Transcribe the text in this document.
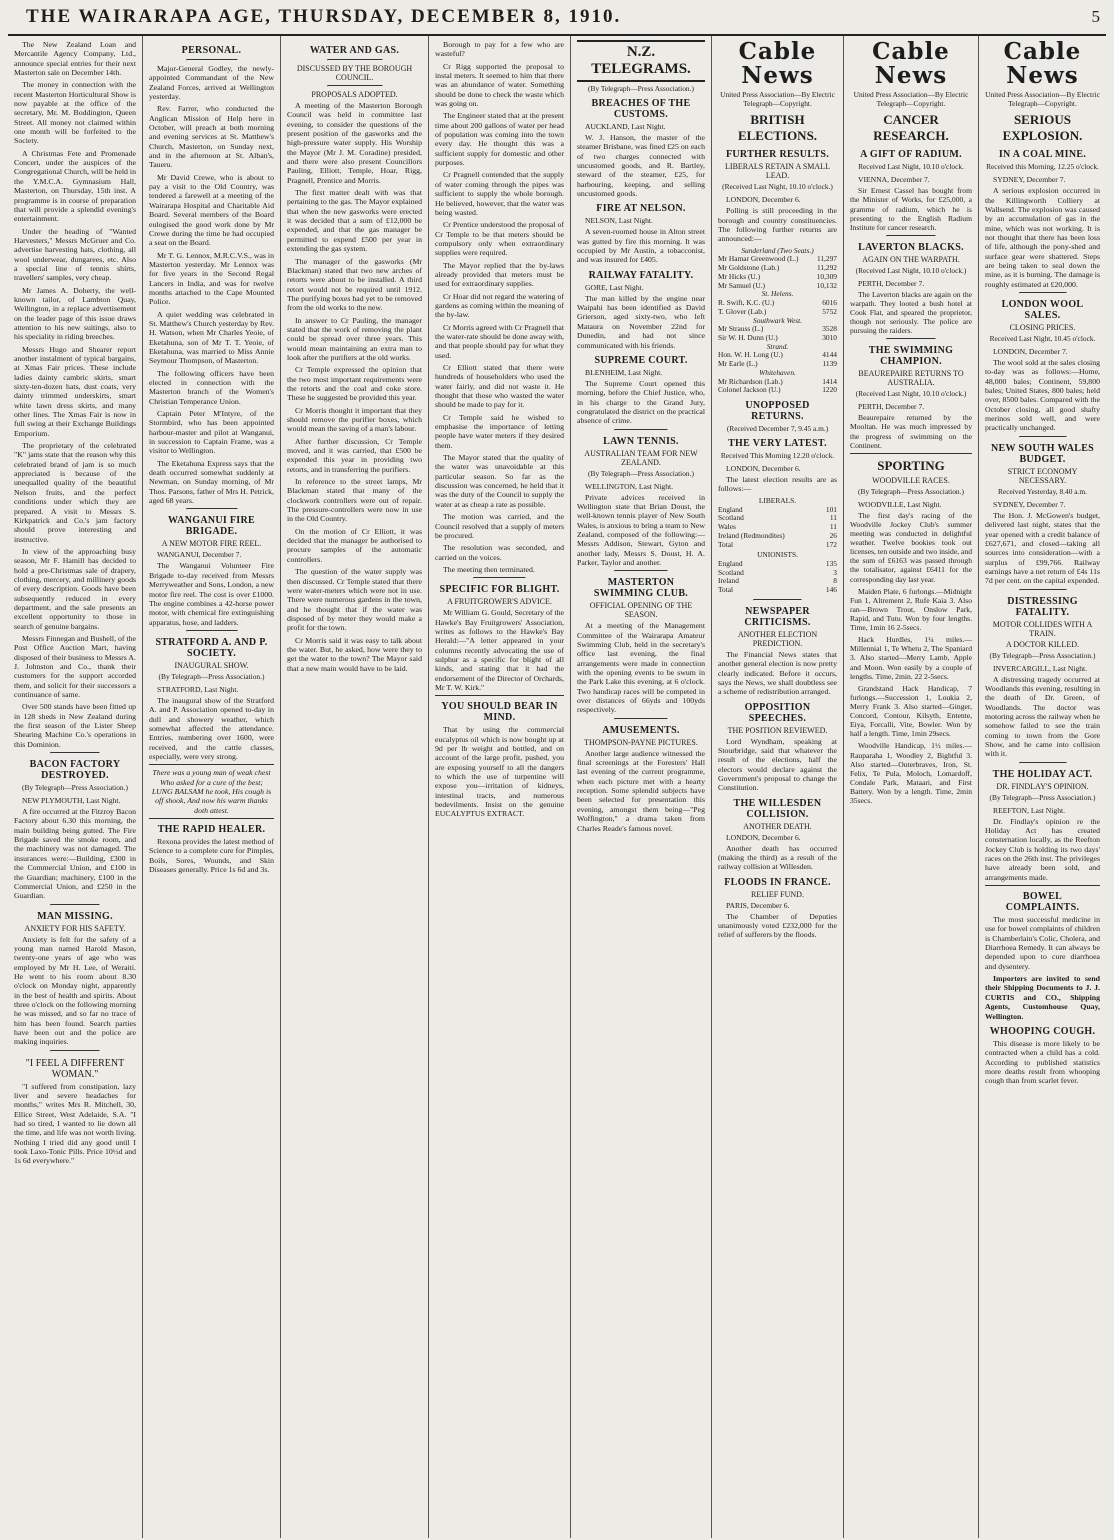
THE WAIRARAPA AGE, THURSDAY, DECEMBER 8, 1910.	5

The New Zealand Loan and Mercantile Agency Company, Ltd., announce special entries for their next Masterton sale on December 14th.

The money in connection with the recent Masterton Horticultural Show is now payable at the office of the secretary, Mr. M. Boddington, Queen Street. All money not claimed within one month will be forfeited to the Society.

A Christmas Fete and Promenade Concert, under the auspices of the Congregational Church, will be held in the Y.M.C.A. Gymnasium Hall, Masterton, on Thursday, 15th inst. A programme is in course of preparation that will provide a splendid evening's entertainment.

Under the heading of "Wanted Harvesters," Messrs McGruer and Co. advertise harvesting hats, clothing, all wool underwear, dungarees, etc. Also a special line of tennis shirts, travellers' samples, very cheap.

Mr James A. Doherty, the well-known tailor, of Lambton Quay, Wellington, in a replace advertisement on the leader page of this issue draws attention to his new suitings, also to his speciality in riding breeches.

Messrs Hugo and Shearer report another instalment of typical bargains, at Xmas Fair prices. These include ladies dainty cambric skirts, smart sixty-ten-dozen hats, dust coats, very dainty trimmed underskirts, smart white lawn dress skirts, and many other lines. The Xmas Fair is now in full swing at their Exchange Buildings Emporium.

The proprietary of the celebrated "K" jams state that the reason why this celebrated brand of jam is so much appreciated is because of the unequalled quality of the beautiful Nelson fruits, and the perfect conditions under which they are prepared. A visit to Messrs S. Kirkpatrick and Co.'s jam factory should prove interesting and instructive.

In view of the approaching busy season, Mr F. Hamill has decided to hold a pre-Christmas sale of drapery, clothing, mercery, and millinery goods of every description. Goods have been subsequently reduced in every department, and the sale presents an excellent opportunity to those in search of genuine bargains.

Messrs Finnegan and Bushell, of the Post Office Auction Mart, having disposed of their business to Messrs A. J. Johnston and Co., thank their customers for the support accorded them, and solicit for their successors a continuance of same.

Over 500 stands have been fitted up in 128 sheds in New Zealand during the first season of the Lister Sheep Shearing Machine Co.'s operations in this Dominion.

BACON FACTORY DESTROYED.
(By Telegraph—Press Association.)
NEW PLYMOUTH, Last Night.

A fire occurred at the Fitzroy Bacon Factory about 6.30 this morning, the main building being gutted. The Fire Brigade saved the smoke room, and the machinery was not damaged. The insurances were:—Building, £300 in the Commercial Union, and £100 in the Guardian; machinery, £100 in the Commercial Union, and £250 in the Guardian.

MAN MISSING.
ANXIETY FOR HIS SAFETY.

Anxiety is felt for the safety of a young man named Harold Mason, twenty-one years of age who was employed by Mr H. Lee, of Weraiti. He went to his room about 8.30 o'clock on Monday night, apparently in the best of health and spirits. About three o'clock on the following morning he was missed, and so far no trace of him has been found. Search parties have been out and the police are making inquiries.

"I FEEL A DIFFERENT WOMAN."

"I suffered from constipation, lazy liver and severe headaches for months," writes Mrs R. Mitchell, 30, Ellice Street, West Adelaide, S.A. "I had so tired, I wanted to lie down all the time, and life was not worth living. Nothing I tried did any good until I took Laxo-Tonic Pills. Price 10½d and 1s 6d everywhere."

PERSONAL.

Major-General Godley, the newly-appointed Commandant of the New Zealand Forces, arrived at Wellington yesterday.

Rev. Farrer, who conducted the Anglican Mission of Help here in October, will preach at both morning and evening services at St. Matthew's Church, Masterton, on Sunday next, and in the afternoon at St. Alban's, Taueru.

Mr David Crewe, who is about to pay a visit to the Old Country, was tendered a farewell at a meeting of the Wairarapa Hospital and Charitable Aid Board. Several members of the Board eulogised the good work done by Mr Crewe during the time he had occupied a seat on the Board.

Mr T. G. Lennox, M.R.C.V.S., was in Masterton yesterday. Mr Lennox was for five years in the Second Regal Lancers in India, and was for twelve months attached to the Cape Mounted Police.

A quiet wedding was celebrated in St. Matthew's Church yesterday by Rev. H. Watson, when Mr Charles Yeoie, of Eketahuna, son of Mr T. T. Yeoie, of Eketahuna, was married to Miss Annie Seymour Thompson, of Masterton.

The following officers have been elected in connection with the Masterton branch of the Women's Christian Temperance Union.

Captain Peter M'Intyre, of the Stormbird, who has been appointed harbour-master and pilot at Wanganui, in succession to Captain Frame, was a visitor to Wellington.

The Eketahuna Express says that the death occurred somewhat suddenly at Newman, on Sunday morning, of Mr Thos. Parsons, father of Mrs H. Petrick, aged 68 years.

WANGANUI FIRE BRIGADE.
A NEW MOTOR FIRE REEL.
WANGANUI, December 7.

The Wanganui Volunteer Fire Brigade to-day received from Messrs Merryweather and Sons, London, a new motor fire reel. The cost is over £1000. The engine combines a 42-horse power motor, with chemical fire extinguishing apparatus, hose, and ladders.

STRATFORD A. AND P. SOCIETY.
INAUGURAL SHOW.
(By Telegraph—Press Association.)
STRATFORD, Last Night.

The inaugural show of the Stratford A. and P. Association opened to-day in dull and showery weather, which somewhat affected the attendance. Entries, numbering over 1600, were received, and the cattle classes, especially, were very strong.

There was a young man of weak chest Who asked for a cure of the best; LUNG BALSAM he took, His cough is off shook, And now his warm thanks doth attest.

THE RAPID HEALER.

Rexona provides the latest method of Science to a complete cure for Pimples, Boils, Sores, Wounds, and Skin Diseases generally. Price 1s 6d and 3s.

WATER AND GAS.
DISCUSSED BY THE BOROUGH COUNCIL.
PROPOSALS ADOPTED.

A meeting of the Masterton Borough Council was held in committee last evening, to consider the questions of the present position of the gasworks and the high-pressure water supply. His Worship the Mayor (Mr J. M. Coradine) presided, and there were also present Councillors Pauling, Elliott, Temple, Hoar, Rigg, Pragnell, Prentice and Morris.

The first matter dealt with was that pertaining to the gas. The Mayor explained that when the new gasworks were erected it was decided that a sum of £12,000 be expended, and that the gas manager be permitted to expend £500 per year in extending the gas system.

The manager of the gasworks (Mr Blackman) stated that two new arches of retorts were about to be installed. A third retort would not be required until 1912. The purifying boxes had yet to be removed from the old works to the new.

In answer to Cr Pauling, the manager stated that the work of removing the plant could be spread over three years. This would mean maintaining an extra man to look after the purifiers at the old works.

Cr Temple expressed the opinion that the two most important requirements were the retorts and the coal and coke store. These he suggested be provided this year.

Cr Morris thought it important that they should remove the purifier boxes, which would mean the saving of a man's labour.

After further discussion, Cr Temple moved, and it was carried, that £500 be expended this year in providing two retorts, and in transferring the purifiers.

In reference to the street lamps, Mr Blackman stated that many of the clockwork controllers were out of repair. The pressure-controllers were now in use in the Old Country.

On the motion of Cr Elliott, it was decided that the manager be authorised to procure samples of the automatic controllers.

The question of the water supply was then discussed. Cr Temple stated that there were water-meters which were not in use. There were numerous gardens in the town, and he thought that if the water was disposed of by meter they would make a profit for the town.

Cr Morris said it was easy to talk about the water. But, he asked, how were they to get the water to the town? The Mayor said that a new main would have to be laid.

Borough to pay for a few who are wasteful?

Cr Rigg supported the proposal to instal meters. It seemed to him that there was an abundance of water. Something should be done to check the waste which was going on.

The Engineer stated that at the present time about 200 gallons of water per head of population was coming into the town every day. He thought this was a sufficient supply for domestic and other purposes.

Cr Pragnell contended that the supply of water coming through the pipes was sufficient to supply the whole borough. He believed, however, that the water was being wasted.

Cr Prentice understood the proposal of Cr Temple to be that meters should be compulsory only when extraordinary supplies were required.

The Mayor replied that the by-laws already provided that meters must be used for extraordinary supplies.

Cr Hoar did not regard the watering of gardens as coming within the meaning of the by-law.

Cr Morris agreed with Cr Pragnell that the water-rate should be done away with, and that people should pay for what they used.

Cr Elliott stated that there were hundreds of householders who used the water fairly, and did not waste it. He thought that those who wasted the water should be made to pay for it.

Cr Temple said he wished to emphasise the importance of letting people have water meters if they desired them.

The Mayor stated that the quality of the water was unavoidable at this particular season. So far as the discussion was concerned, he held that it was the duty of the Council to supply the water at as cheap a rate as possible.

The motion was carried, and the Council resolved that a supply of meters be procured.

The resolution was seconded, and carried on the voices.

The meeting then terminated.

SPECIFIC FOR BLIGHT.
A FRUITGROWER'S ADVICE.

Mr William G. Gould, Secretary of the Hawke's Bay Fruitgrowers' Association, writes as follows to the Hawke's Bay Herald:—"A letter appeared in your columns recently advocating the use of sulphur as a specific for blight of all kinds, and stating that it had the endorsement of the Director of Orchards, Mr T. W. Kirk."

YOU SHOULD BEAR IN MIND.

That by using the commercial eucalyptus oil which is now bought up at 9d per lb weight and bottled, and on account of the large profit, pushed, you are exposing yourself to all the dangers to which the use of turpentine will expose you—irritation of kidneys, intestinal tracts, and numerous bedevilments. Insist on the genuine EUCALYPTUS EXTRACT.

N.Z. TELEGRAMS.
(By Telegraph—Press Association.)
BREACHES OF THE CUSTOMS.
AUCKLAND, Last Night.

W. J. Hanson, the master of the steamer Brisbane, was fined £25 on each of two charges connected with uncustomed goods, and R. Bartley, steward of the steamer, £25, for harbouring, keeping, and selling uncustomed goods.

FIRE AT NELSON.
NELSON, Last Night.

A seven-roomed house in Alton street was gutted by fire this morning. It was occupied by Mr Austin, a tobacconist, and was insured for £405.

RAILWAY FATALITY.
GORE, Last Night.

The man killed by the engine near Waipahi has been identified as David Grierson, aged sixty-two, who left Mataura on November 22nd for Dunedin, and had not since communicated with his friends.

SUPREME COURT.
BLENHEIM, Last Night.

The Supreme Court opened this morning, before the Chief Justice, who, in his charge to the Grand Jury, congratulated the district on the practical absence of crime.

LAWN TENNIS.
AUSTRALIAN TEAM FOR NEW ZEALAND.
(By Telegraph—Press Association.)
WELLINGTON, Last Night.

Private advices received in Wellington state that Brian Doust, the well-known tennis player of New South Wales, is anxious to bring a team to New Zealand, composed of the following:—Messrs Addison, Stewart, Gyton and another lady, Messrs S. Doust, H. A. Parker, Taylor and another.

MASTERTON SWIMMING CLUB.
OFFICIAL OPENING OF THE SEASON.

At a meeting of the Management Committee of the Wairarapa Amateur Swimming Club, held in the secretary's office last evening, the final arrangements were made in connection with the opening events to be swum in the Park Lake this evening, at 6 o'clock. Two handicap races will be competed in over distances of 66yds and 100yds respectively.

AMUSEMENTS.
THOMPSON-PAYNE PICTURES.

Another large audience witnessed the final screenings at the Foresters' Hall last evening of the current programme, when each picture met with a hearty reception. Some splendid subjects have been selected for presentation this evening, amongst them being—"Peg Woffington," a drama taken from Charles Reade's famous novel.

Cable News
United Press Association—By Electric Telegraph—Copyright.
BRITISH ELECTIONS.
FURTHER RESULTS.
LIBERALS RETAIN A SMALL LEAD.
(Received Last Night, 10.10 o'clock.)
LONDON, December 6.

Polling is still proceeding in the borough and country constituencies. The following further returns are announced:—

Sunderland (Two Seats.)
Mr Hamar Greenwood (L.) 11,297
Mr Goldstone (Lab.)	11,292
Mr Hicks (U.)	10,309
Mr Samuel (U.)	10,132
St. Helens.
R. Swift, K.C. (U.)	6016
T. Glover (Lab.)	5752
Southwark West.
Mr Strauss (L.)	3528
Sir W. H. Dunn (U.)	3010
Strand.
Hon. W. H. Long (U.)	4144
Mr Earle (L.)	1139
Whitehaven.
Mr Richardson (Lab.)	1414
Colonel Jackson (U.)	1220
UNOPPOSED RETURNS.
(Received December 7, 9.45 a.m.)
THE VERY LATEST.
Received This Morning 12.20 o'clock.
LONDON, December 6.

The latest election results are as follows:—

LIBERALS.
England	101
Scotland	11
Wales	11
Ireland (Redmondites)	26
Total	172
UNIONISTS.
England	135
Scotland	3
Ireland	8
Total	146
NEWSPAPER CRITICISMS.
ANOTHER ELECTION PREDICTION.

The Financial News states that another general election is now pretty clearly indicated. Before it occurs, says the News, we shall doubtless see a scheme of redistribution arranged.

OPPOSITION SPEECHES.
THE POSITION REVIEWED.

Lord Wyndham, speaking at Stourbridge, said that whatever the result of the elections, half the electors would declare against the Government's proposal to change the Constitution.

THE WILLESDEN COLLISION.
ANOTHER DEATH.
LONDON, December 6.

Another death has occurred (making the third) as a result of the railway collision at Willesden.

FLOODS IN FRANCE.
RELIEF FUND.
PARIS, December 6.

The Chamber of Deputies unanimously voted £232,000 for the relief of sufferers by the floods.

Cable News
United Press Association—By Electric Telegraph—Copyright.
CANCER RESEARCH.
A GIFT OF RADIUM.
Received Last Night, 10.10 o'clock.
VIENNA, December 7.

Sir Ernest Cassel has bought from the Minister of Works, for £25,000, a gramme of radium, which he is presenting to the English Radium Institute for cancer research.

LAVERTON BLACKS.
AGAIN ON THE WARPATH.
(Received Last Night, 10.10 o'clock.)
PERTH, December 7.

The Laverton blacks are again on the warpath. They looted a bush hotel at Cook Flat, and speared the proprietor, though not seriously. The police are pursuing the raiders.

THE SWIMMING CHAMPION.
BEAUREPAIRE RETURNS TO AUSTRALIA.
(Received Last Night, 10.10 o'clock.)
PERTH, December 7.

Beaurepaire returned by the Mooltan. He was much impressed by the progress of swimming on the Continent.

SPORTING
WOODVILLE RACES.
(By Telegraph—Press Association.)
WOODVILLE, Last Night.

The first day's racing of the Woodville Jockey Club's summer meeting was conducted in delightful weather. Twelve bookies took out licenses, ten outside and two inside, and the sum of £6163 was passed through the totalisator, against £6411 for the corresponding day last year.

Maiden Plate, 6 furlongs.—Midnight Fun 1, Altrement 2, Rufe Kaia 3. Also ran—Brown Trout, Onslow Park, Rapid, and Tutu. Won by four lengths. Time, 1min 16 2-5secs.

Hack Hurdles, 1¼ miles.—Millennial 1, Te Whetu 2, The Spaniard 3. Also started—Merry Lamb, Apple and Moon. Won easily by a couple of lengths. Time, 2min. 22 2-5secs.

Grandstand Hack Handicap, 7 furlongs.—Succession 1, Loukia 2, Merry Frank 3. Also started—Ginger, Concord, Contour, Kilsyth, Entente, Eiya, Forcalli, Vite, Bowler. Won by half a length. Time, 1min 29secs.

Woodville Handicap, 1½ miles.—Rauparaha 1, Woodley 2, Bightful 3. Also started—Outerbraves, Iron, St. Felix, Te Pula, Moloch, Lomardoff, Condale Park, Mataari, and First Battery. Won by a length. Time, 2min 35secs.

Cable News
United Press Association—By Electric Telegraph—Copyright.
SERIOUS EXPLOSION.
IN A COAL MINE.
Received this Morning, 12.25 o'clock.
SYDNEY, December 7.

A serious explosion occurred in the Killingworth Colliery at Wallsend. The explosion was caused by an accumulation of gas in the mine, which was not working. It is not thought that there has been loss of life, although the pony-shed and surface gear were shattered. Steps are being taken to seal down the mine, as it is burning. The damage is roughly estimated at £20,000.

LONDON WOOL SALES.
CLOSING PRICES.
Received Last Night, 10.45 o'clock.
LONDON, December 7.

The wool sold at the sales closing to-day was as follows:—Home, 48,000 bales; Continent, 59,800 bales; United States, 800 bales; held over, 8500 bales. Compared with the October closing, all good shafty merinos sold well, and were practically unchanged.

NEW SOUTH WALES BUDGET.
STRICT ECONOMY NECESSARY.
Received Yesterday, 8.40 a.m.
SYDNEY, December 7.

The Hon. J. McGowen's budget, delivered last night, states that the year opened with a credit balance of £627,671, and closed—taking all sources into consideration—with a surplus of £99,766. Railway earnings have a net return of £4s 11s 7d per cent. on the capital expended.

DISTRESSING FATALITY.
MOTOR COLLIDES WITH A TRAIN.
A DOCTOR KILLED.
(By Telegraph—Press Association.)
INVERCARGILL, Last Night.

A distressing tragedy occurred at Woodlands this evening, resulting in the death of Dr. Green, of Woodlands. The doctor was motoring across the railway when he somehow failed to see the train coming to town from the Gore Show, and he came into collision with it.

THE HOLIDAY ACT.
DR. FINDLAY'S OPINION.
(By Telegraph—Press Association.)
REEFTON, Last Night.

Dr. Findlay's opinion re the Holiday Act has created consternation locally, as the Reefton Jockey Club is holding its two days' races on the 26th inst. The privileges have already been sold, and arrangements made.

BOWEL COMPLAINTS.

The most successful medicine in use for bowel complaints of children is Chamberlain's Colic, Cholera, and Diarrhoea Remedy. It can always be depended upon to cure diarrhoea and dysentery.

Importers are invited to send their Shipping Documents to J. J. CURTIS and CO., Shipping Agents, Customhouse Quay, Wellington.

WHOOPING COUGH.

This disease is more likely to be contracted when a child has a cold. According to published statistics more deaths result from whooping cough than from scarlet fever.
